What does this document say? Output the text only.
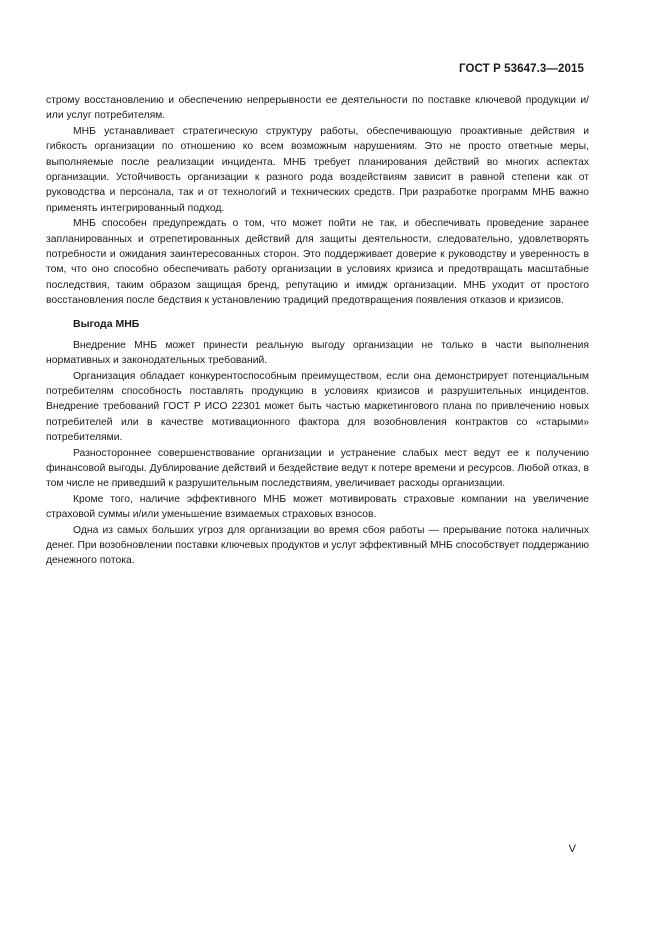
ГОСТ Р 53647.3—2015

строму восстановлению и обеспечению непрерывности ее деятельности по поставке ключевой продукции и/или услуг потребителям.

МНБ устанавливает стратегическую структуру работы, обеспечивающую проактивные действия и гибкость организации по отношению ко всем возможным нарушениям. Это не просто ответные меры, выполняемые после реализации инцидента. МНБ требует планирования действий во многих аспектах организации. Устойчивость организации к разного рода воздействиям зависит в равной степени как от руководства и персонала, так и от технологий и технических средств. При разработке программ МНБ важно применять интегрированный подход.

МНБ способен предупреждать о том, что может пойти не так, и обеспечивать проведение заранее запланированных и отрепетированных действий для защиты деятельности, следовательно, удовлетворять потребности и ожидания заинтересованных сторон. Это поддерживает доверие к руководству и уверенность в том, что оно способно обеспечивать работу организации в условиях кризиса и предотвращать масштабные последствия, таким образом защищая бренд, репутацию и имидж организации. МНБ уходит от простого восстановления после бедствия к установлению традиций предотвращения появления отказов и кризисов.

Выгода МНБ

Внедрение МНБ может принести реальную выгоду организации не только в части выполнения нормативных и законодательных требований.

Организация обладает конкурентоспособным преимуществом, если она демонстрирует потенциальным потребителям способность поставлять продукцию в условиях кризисов и разрушительных инцидентов. Внедрение требований ГОСТ Р ИСО 22301 может быть частью маркетингового плана по привлечению новых потребителей или в качестве мотивационного фактора для возобновления контрактов со «старыми» потребителями.

Разностороннее совершенствование организации и устранение слабых мест ведут ее к получению финансовой выгоды. Дублирование действий и бездействие ведут к потере времени и ресурсов. Любой отказ, в том числе не приведший к разрушительным последствиям, увеличивает расходы организации.

Кроме того, наличие эффективного МНБ может мотивировать страховые компании на увеличение страховой суммы и/или уменьшение взимаемых страховых взносов.

Одна из самых больших угроз для организации во время сбоя работы — прерывание потока наличных денег. При возобновлении поставки ключевых продуктов и услуг эффективный МНБ способствует поддержанию денежного потока.

V
